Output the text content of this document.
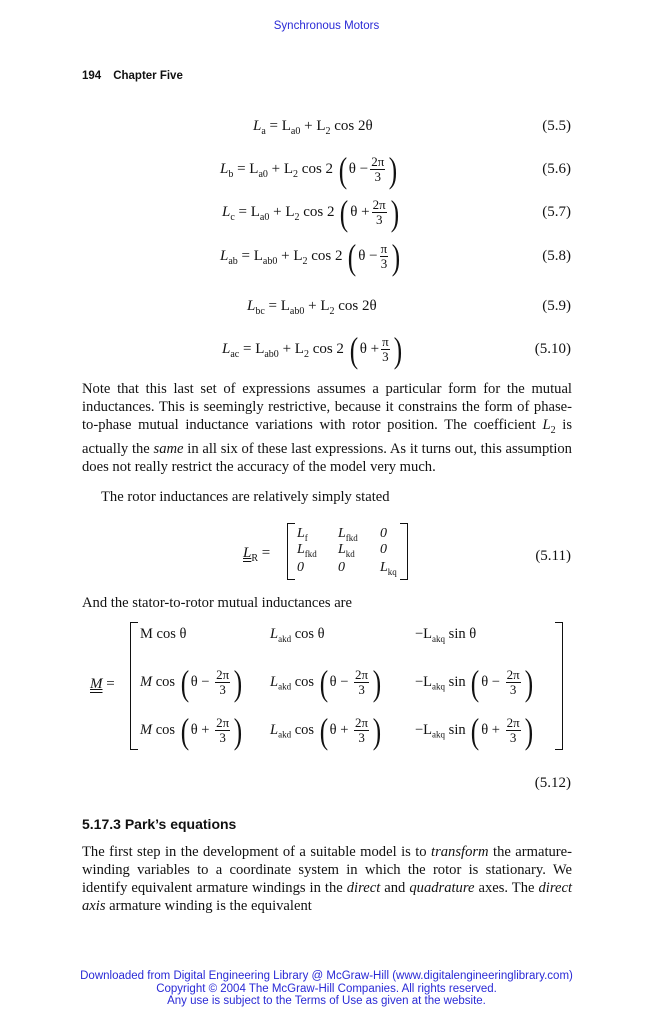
Synchronous Motors
194 Chapter Five
$L_a = L_{a0} + L_2$ cos 2θ	(5.5)
$L_b = L_{a0} + L_2$ cos 2 ( $\theta - \frac{2\pi}{3}$ )	(5.6)
$L_c = L_{a0} + L_2$ cos 2 ( $\theta + \frac{2\pi}{3}$ )	(5.7)
$L_{ab} = L_{ab0} + L_2$ cos 2 ( $\theta - \frac{\pi}{3}$ )	(5.8)
$L_{bc} = L_{ab0} + L_2$ cos 2θ	(5.9)
$L_{ac} = L_{ab0} + L_2$ cos 2 ( $\theta + \frac{\pi}{3}$ )	(5.10)
Note that this last set of expressions assumes a particular form for the mutual inductances. This is seemingly restrictive, because it constrains the form of phase-to-phase mutual inductance variations with rotor position. The coefficient $L_2$ is actually the same in all six of these last expressions. As it turns out, this assumption does not really restrict the accuracy of the model very much.
The rotor inductances are relatively simply stated
$L_R$ =
$L_f$ $L_{fkd}$ 0
$L_{fkd}$ $L_{kd}$ 0
0 0	$L_{kq}$
(5.11)
And the stator-to-rotor mutual inductances are
M =
M cos θ	$L_{akd}$ cos θ	$-L_{akq}$ sin θ
M cos ( $\theta - \frac{2\pi}{3}$ ) $L_{akd}$ cos ( $\theta - \frac{2\pi}{3}$ ) $-L_{akq}$ sin ( $\theta - \frac{2\pi}{3}$ )
M cos ( $\theta + \frac{2\pi}{3}$ ) $L_{akd}$ cos ( $\theta + \frac{2\pi}{3}$ ) $-L_{akq}$ sin ( $\theta + \frac{2\pi}{3}$ )
(5.12)
5.17.3 Park’s equations
The first step in the development of a suitable model is to transform the armature-winding variables to a coordinate system in which the rotor is stationary. We identify equivalent armature windings in the direct and quadrature axes. The direct axis armature winding is the equivalent
Downloaded from Digital Engineering Library @ McGraw-Hill (www.digitalengineeringlibrary.com)
Copyright © 2004 The McGraw-Hill Companies. All rights reserved.
Any use is subject to the Terms of Use as given at the website.
